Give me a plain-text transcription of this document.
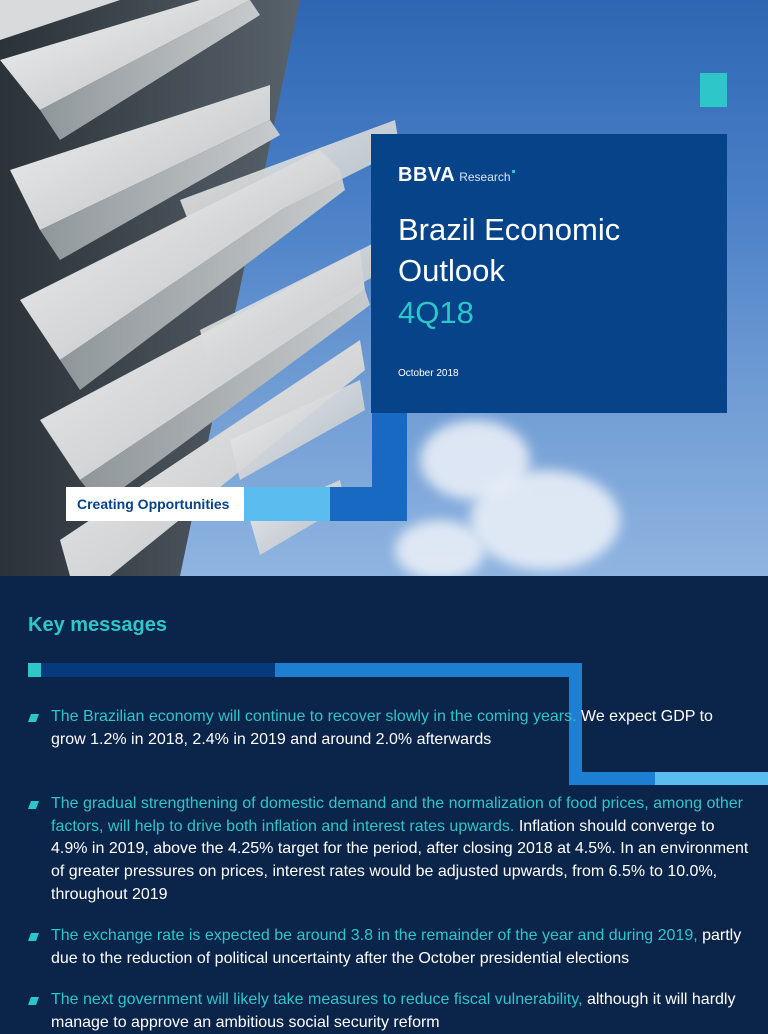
BBVA Research
Brazil Economic
Outlook
4Q18
October 2018
Creating Opportunities
Key messages
The Brazilian economy will continue to recover slowly in the coming years. We expect GDP to grow 1.2% in 2018, 2.4% in 2019 and around 2.0% afterwards
The gradual strengthening of domestic demand and the normalization of food prices, among other factors, will help to drive both inflation and interest rates upwards. Inflation should converge to 4.9% in 2019, above the 4.25% target for the period, after closing 2018 at 4.5%. In an environment of greater pressures on prices, interest rates would be adjusted upwards, from 6.5% to 10.0%, throughout 2019
The exchange rate is expected be around 3.8 in the remainder of the year and during 2019, partly due to the reduction of political uncertainty after the October presidential elections
The next government will likely take measures to reduce fiscal vulnerability, although it will hardly manage to approve an ambitious social security reform
